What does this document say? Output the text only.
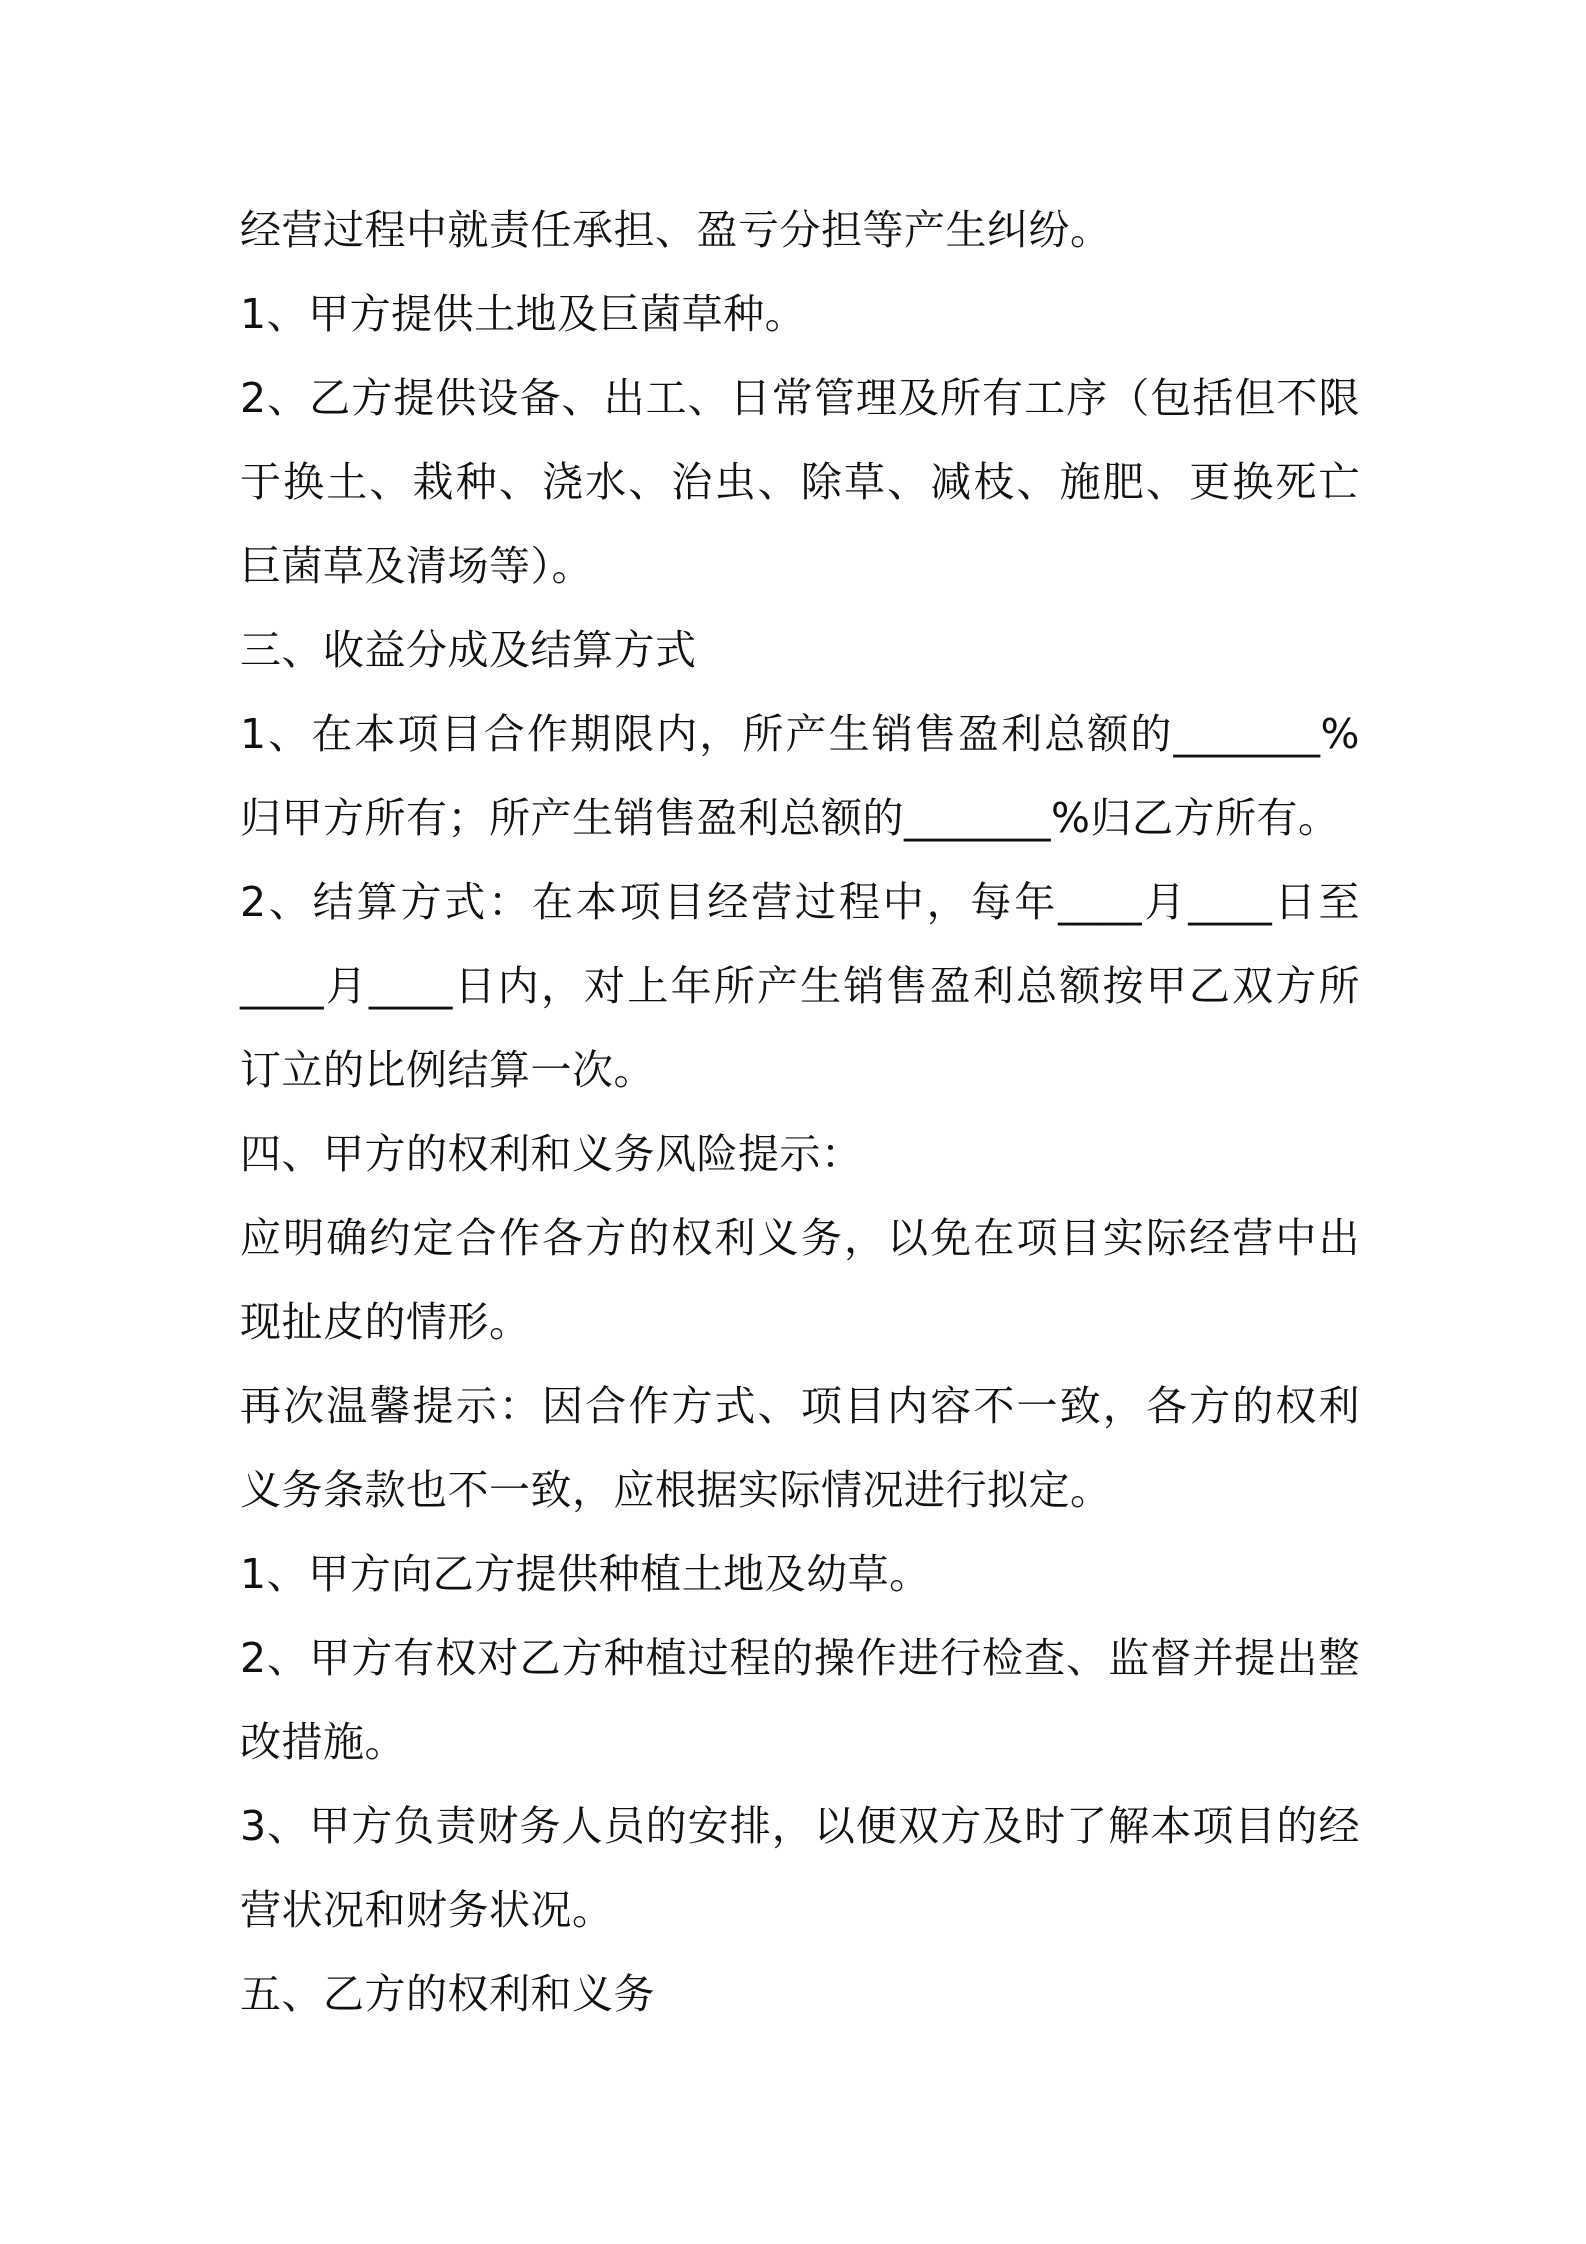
经营过程中就责任承担、盈亏分担等产生纠纷。

1、甲方提供土地及巨菌草种。

2、乙方提供设备、出工、日常管理及所有工序（包括但不限于换土、栽种、浇水、治虫、除草、减枝、施肥、更换死亡巨菌草及清场等）。

三、收益分成及结算方式

1、在本项目合作期限内，所产生销售盈利总额的_______%归甲方所有；所产生销售盈利总额的_______%归乙方所有。

2、结算方式：在本项目经营过程中，每年____月____日至____月____日内，对上年所产生销售盈利总额按甲乙双方所订立的比例结算一次。

四、甲方的权利和义务风险提示：

应明确约定合作各方的权利义务，以免在项目实际经营中出现扯皮的情形。

再次温馨提示：因合作方式、项目内容不一致，各方的权利义务条款也不一致，应根据实际情况进行拟定。

1、甲方向乙方提供种植土地及幼草。

2、甲方有权对乙方种植过程的操作进行检查、监督并提出整改措施。

3、甲方负责财务人员的安排，以便双方及时了解本项目的经营状况和财务状况。

五、乙方的权利和义务
